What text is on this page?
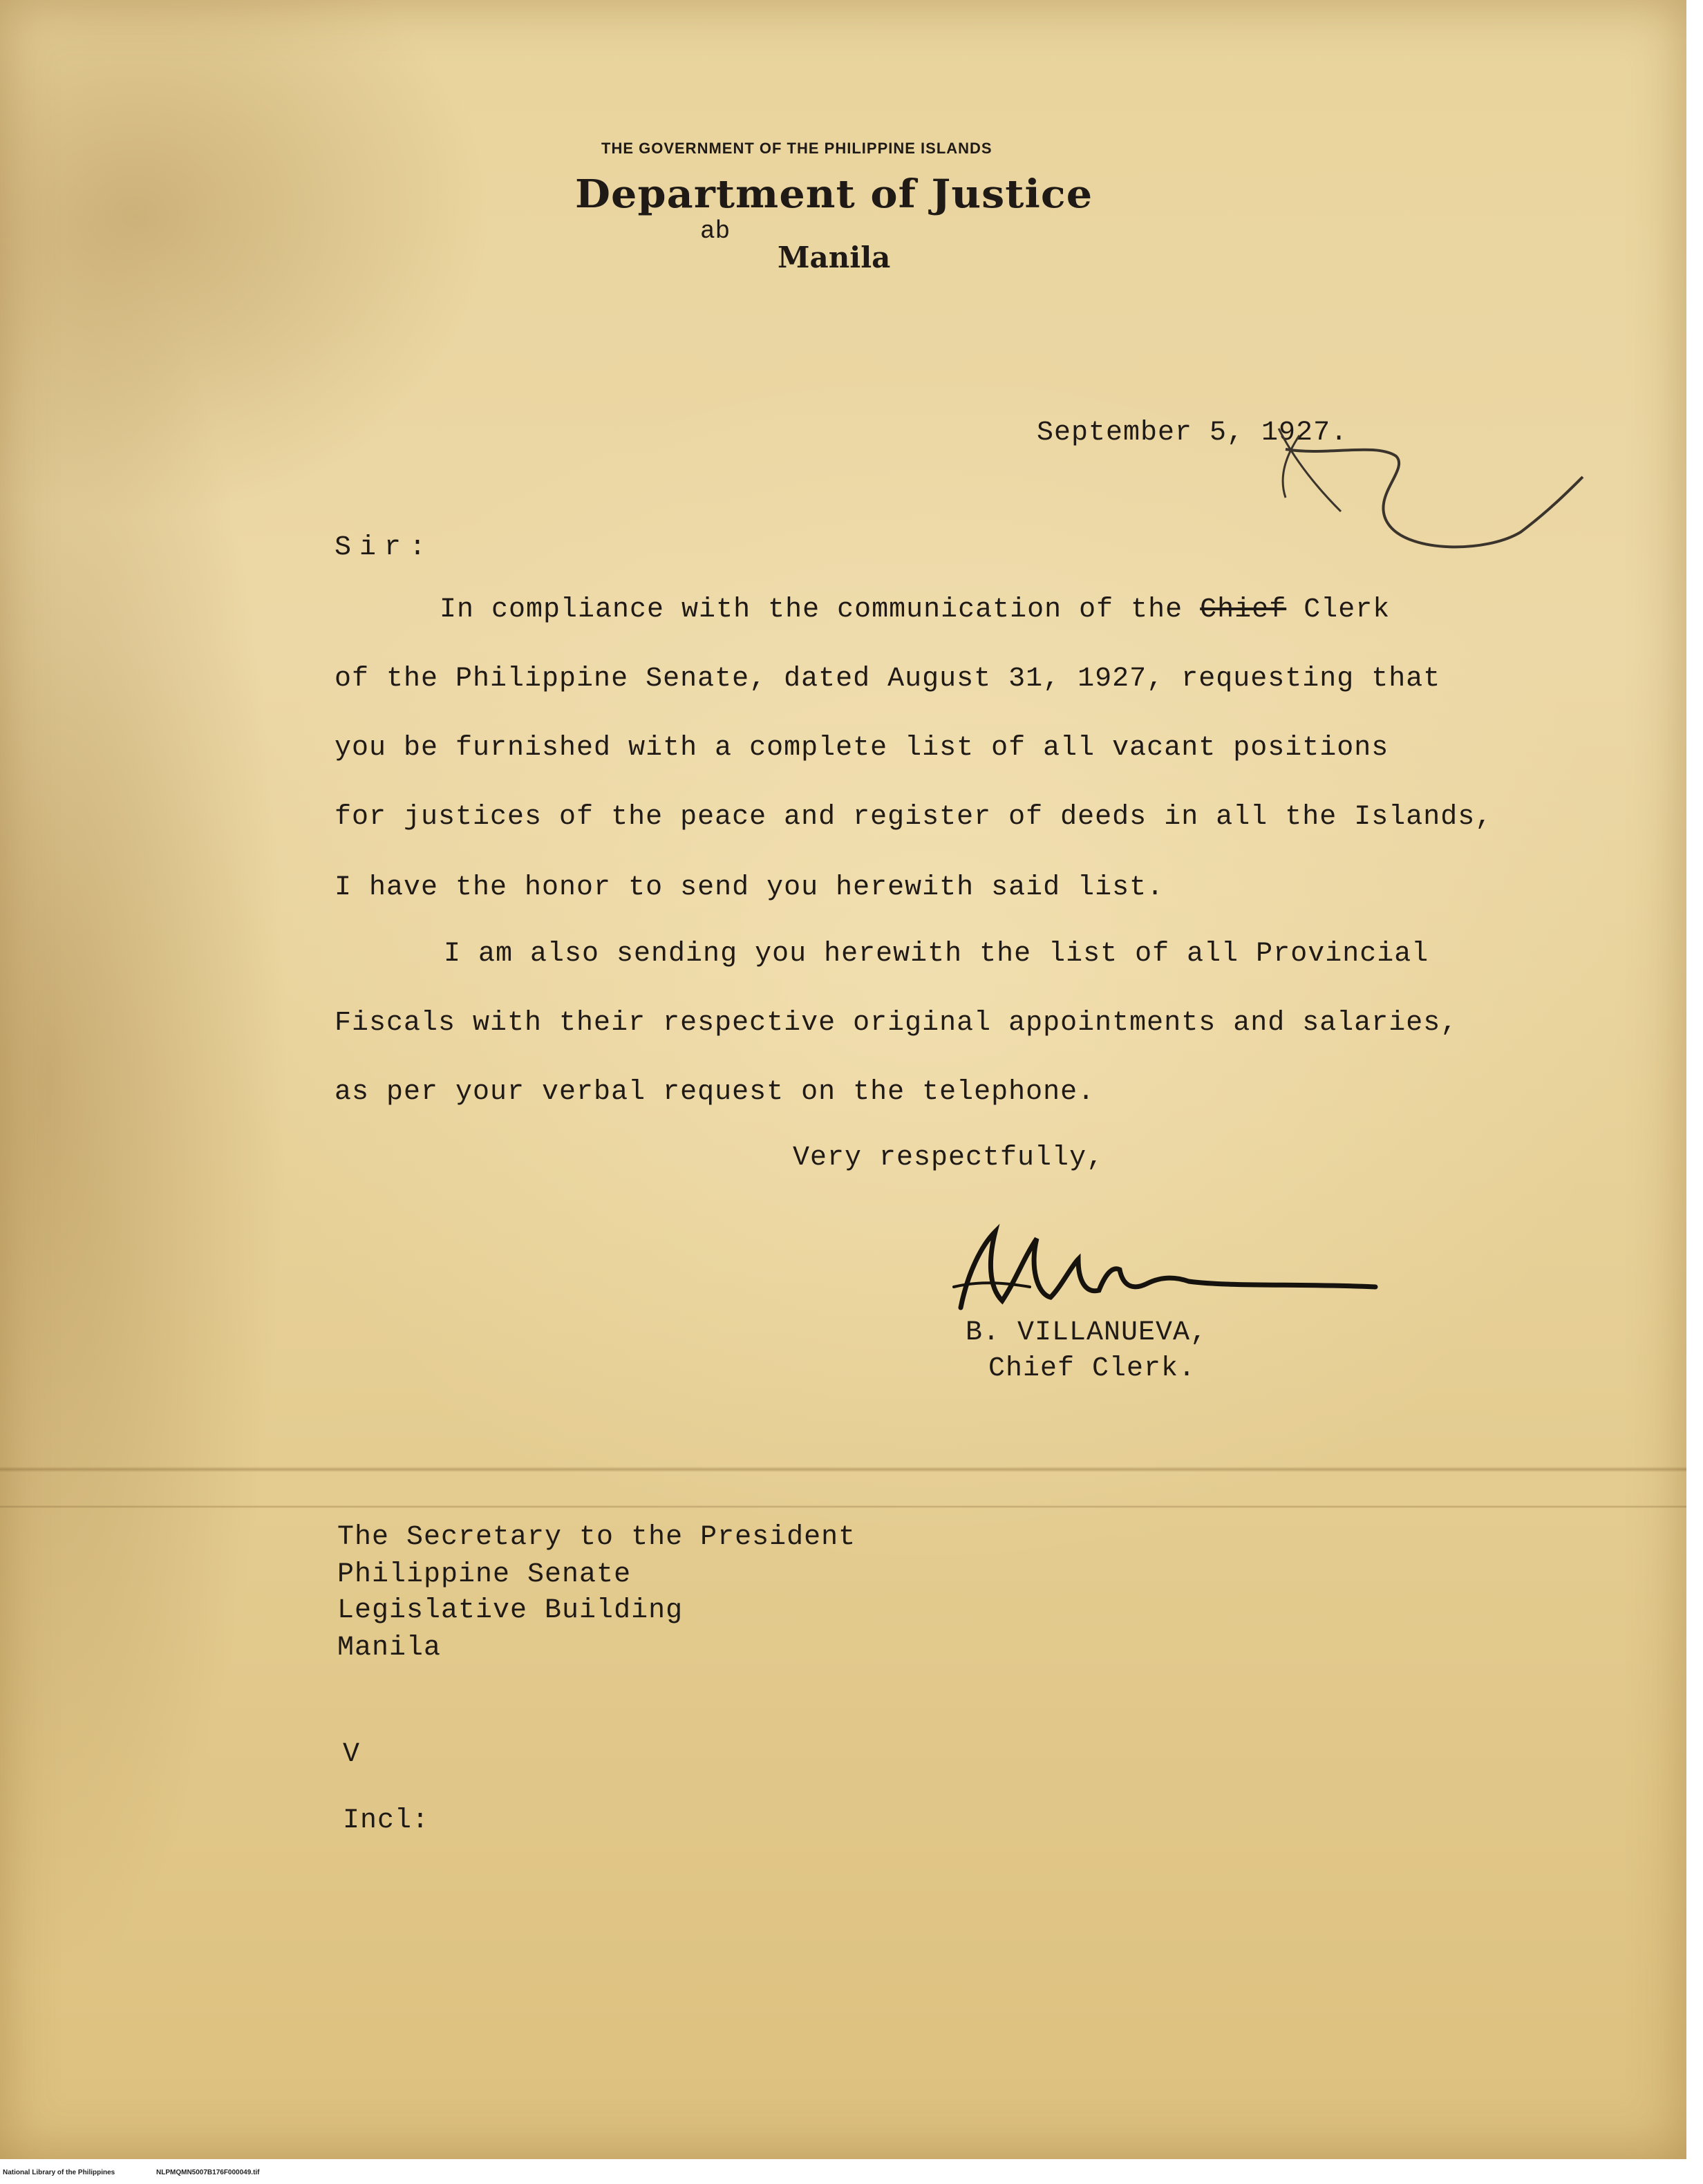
THE GOVERNMENT OF THE PHILIPPINE ISLANDS
Department of Justice
ab
Manila
September 5, 1927.
Sir:
In compliance with the communication of the Chief Clerk
of the Philippine Senate, dated August 31, 1927, requesting that
you be furnished with a complete list of all vacant positions
for justices of the peace and register of deeds in all the Islands,
I have the honor to send you herewith said list.
I am also sending you herewith the list of all Provincial
Fiscals with their respective original appointments and salaries,
as per your verbal request on the telephone.
Very respectfully,
B. VILLANUEVA,
Chief Clerk.
The Secretary to the President
Philippine Senate
Legislative Building
Manila
V
Incl:
National Library of the Philippines	NLPMQMN5007B176F000049.tif
